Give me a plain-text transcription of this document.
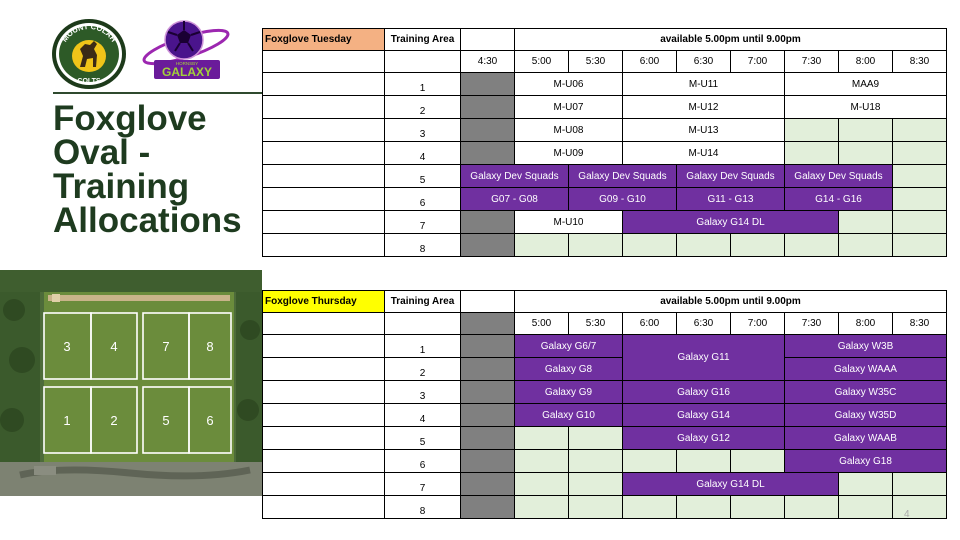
MOUNT COLAH
COLTS
HORNSBY
GALAXY
Foxglove Oval - Training Allocations
3	4	7	8
1	2	5	6
Foxglove Tuesday	Training Area		available 5.00pm until 9.00pm							
		4:30	5:00	5:30	6:00	6:30	7:00	7:30	8:00	8:30
	1		M-U06		M-U11			MAA9		
	2		M-U07		M-U12			M-U18		
	3		M-U08		M-U13					
	4		M-U09		M-U14					
	5	Galaxy Dev Squads		Galaxy Dev Squads		Galaxy Dev Squads		Galaxy Dev Squads		
	6	G07 - G08		G09 - G10		G11 - G13		G14 - G16		
	7		M-U10		Galaxy G14 DL					
	8									
Foxglove Thursday	Training Area		available 5.00pm until 9.00pm							
			5:00	5:30	6:00	6:30	7:00	7:30	8:00	8:30
	1		Galaxy G6/7		Galaxy G11			Galaxy W3B		
	2		Galaxy G8					Galaxy WAAA		
	3		Galaxy G9		Galaxy G16			Galaxy W35C		
	4		Galaxy G10		Galaxy G14			Galaxy W35D		
	5				Galaxy G12			Galaxy WAAB		
	6							Galaxy G18		
	7				Galaxy G14 DL					
	8										4
